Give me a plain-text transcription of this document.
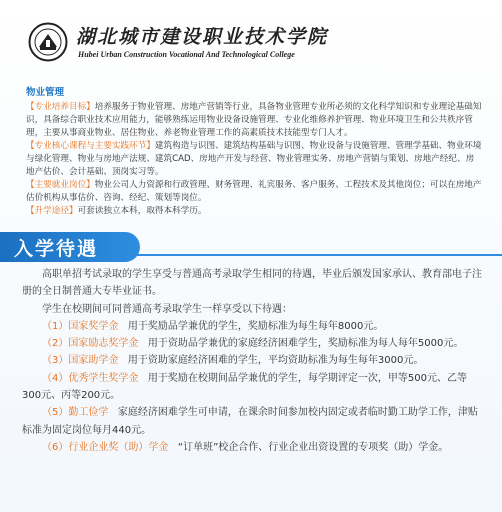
湖北城市建设职业技术学院
Hubei Urban Construction Vocational And Technological College
物业管理

【专业培养目标】培养服务于物业管理、房地产营销等行业，具备物业管理专业所必须的文化科学知识和专业理论基础知识，具备综合职业技术应用能力，能够熟练运用物业设备设施管理、专业化维修养护管理、物业环境卫生和公共秩序管理，主要从事商业物业、居住物业、养老物业管理工作的高素质技术技能型专门人才。

【专业核心课程与主要实践环节】建筑构造与识图、建筑结构基础与识图、物业设备与设施管理、管理学基础、物业环境与绿化管理、物业与房地产法规、建筑CAD、房地产开发与经营、物业管理实务、房地产营销与策划、房地产经纪、房地产估价、会计基础、顶岗实习等。

【主要就业岗位】物业公司人力资源和行政管理、财务管理、礼宾服务、客户服务、工程技术及其他岗位；可以在房地产估价机构从事估价、咨询、经纪、策划等岗位。

【升学途径】可套读独立本科，取得本科学历。

入学待遇

高职单招考试录取的学生享受与普通高考录取学生相同的待遇，毕业后颁发国家承认、教育部电子注册的全日制普通大专毕业证书。

学生在校期间可同普通高考录取学生一样享受以下待遇：

（1）国家奖学金 用于奖励品学兼优的学生，奖励标准为每生每年8000元。

（2）国家励志奖学金 用于资助品学兼优的家庭经济困难学生，奖励标准为每人每年5000元。

（3）国家助学金 用于资助家庭经济困难的学生，平均资助标准为每生每年3000元。

（4）优秀学生奖学金 用于奖励在校期间品学兼优的学生，每学期评定一次，甲等500元、乙等300元、丙等200元。

（5）勤工俭学 家庭经济困难学生可申请，在课余时间参加校内固定或者临时勤工助学工作，津贴标准为固定岗位每月440元。

（6）行业企业奖（助）学金 “订单班”校企合作、行业企业出资设置的专项奖（助）学金。
